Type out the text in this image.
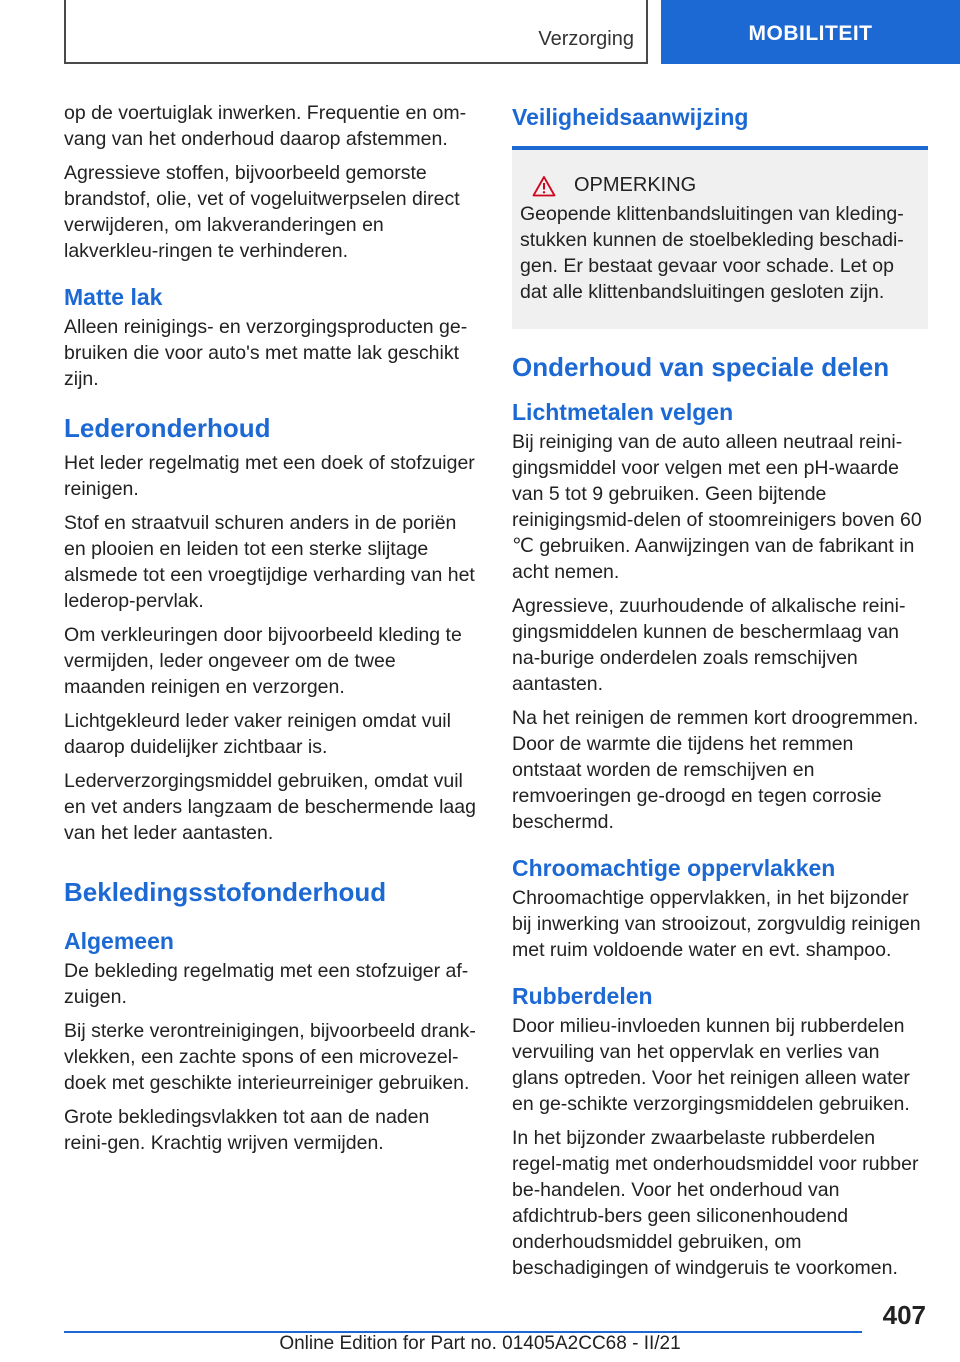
Verzorging	MOBILITEIT

op de voertuiglak inwerken. Frequentie en om-vang van het onderhoud daarop afstemmen.

Agressieve stoffen, bijvoorbeeld gemorste brandstof, olie, vet of vogeluitwerpselen direct verwijderen, om lakveranderingen en lakverkleu-ringen te verhinderen.

Matte lak

Alleen reinigings- en verzorgingsproducten ge-bruiken die voor auto's met matte lak geschikt zijn.

Lederonderhoud

Het leder regelmatig met een doek of stofzuiger reinigen.

Stof en straatvuil schuren anders in de poriën en plooien en leiden tot een sterke slijtage alsmede tot een vroegtijdige verharding van het lederop-pervlak.

Om verkleuringen door bijvoorbeeld kleding te vermijden, leder ongeveer om de twee maanden reinigen en verzorgen.

Lichtgekleurd leder vaker reinigen omdat vuil daarop duidelijker zichtbaar is.

Lederverzorgingsmiddel gebruiken, omdat vuil en vet anders langzaam de beschermende laag van het leder aantasten.

Bekledingsstofonderhoud
Algemeen

De bekleding regelmatig met een stofzuiger af-zuigen.

Bij sterke verontreinigingen, bijvoorbeeld drank-vlekken, een zachte spons of een microvezel-doek met geschikte interieurreiniger gebruiken.

Grote bekledingsvlakken tot aan de naden reini-gen. Krachtig wrijven vermijden.

Veiligheidsaanwijzing
OPMERKING

Geopende klittenbandsluitingen van kleding-stukken kunnen de stoelbekleding beschadi-gen. Er bestaat gevaar voor schade. Let op dat alle klittenbandsluitingen gesloten zijn.

Onderhoud van speciale delen
Lichtmetalen velgen

Bij reiniging van de auto alleen neutraal reini-gingsmiddel voor velgen met een pH-waarde van 5 tot 9 gebruiken. Geen bijtende reinigingsmid-delen of stoomreinigers boven 60 ℃ gebruiken. Aanwijzingen van de fabrikant in acht nemen.

Agressieve, zuurhoudende of alkalische reini-gingsmiddelen kunnen de beschermlaag van na-burige onderdelen zoals remschijven aantasten.

Na het reinigen de remmen kort droogremmen. Door de warmte die tijdens het remmen ontstaat worden de remschijven en remvoeringen ge-droogd en tegen corrosie beschermd.

Chroomachtige oppervlakken

Chroomachtige oppervlakken, in het bijzonder bij inwerking van strooizout, zorgvuldig reinigen met ruim voldoende water en evt. shampoo.

Rubberdelen

Door milieu-invloeden kunnen bij rubberdelen vervuiling van het oppervlak en verlies van glans optreden. Voor het reinigen alleen water en ge-schikte verzorgingsmiddelen gebruiken.

In het bijzonder zwaarbelaste rubberdelen regel-matig met onderhoudsmiddel voor rubber be-handelen. Voor het onderhoud van afdichtrub-bers geen siliconenhoudend onderhoudsmiddel gebruiken, om beschadigingen of windgeruis te voorkomen.

407
Online Edition for Part no. 01405A2CC68 - II/21
